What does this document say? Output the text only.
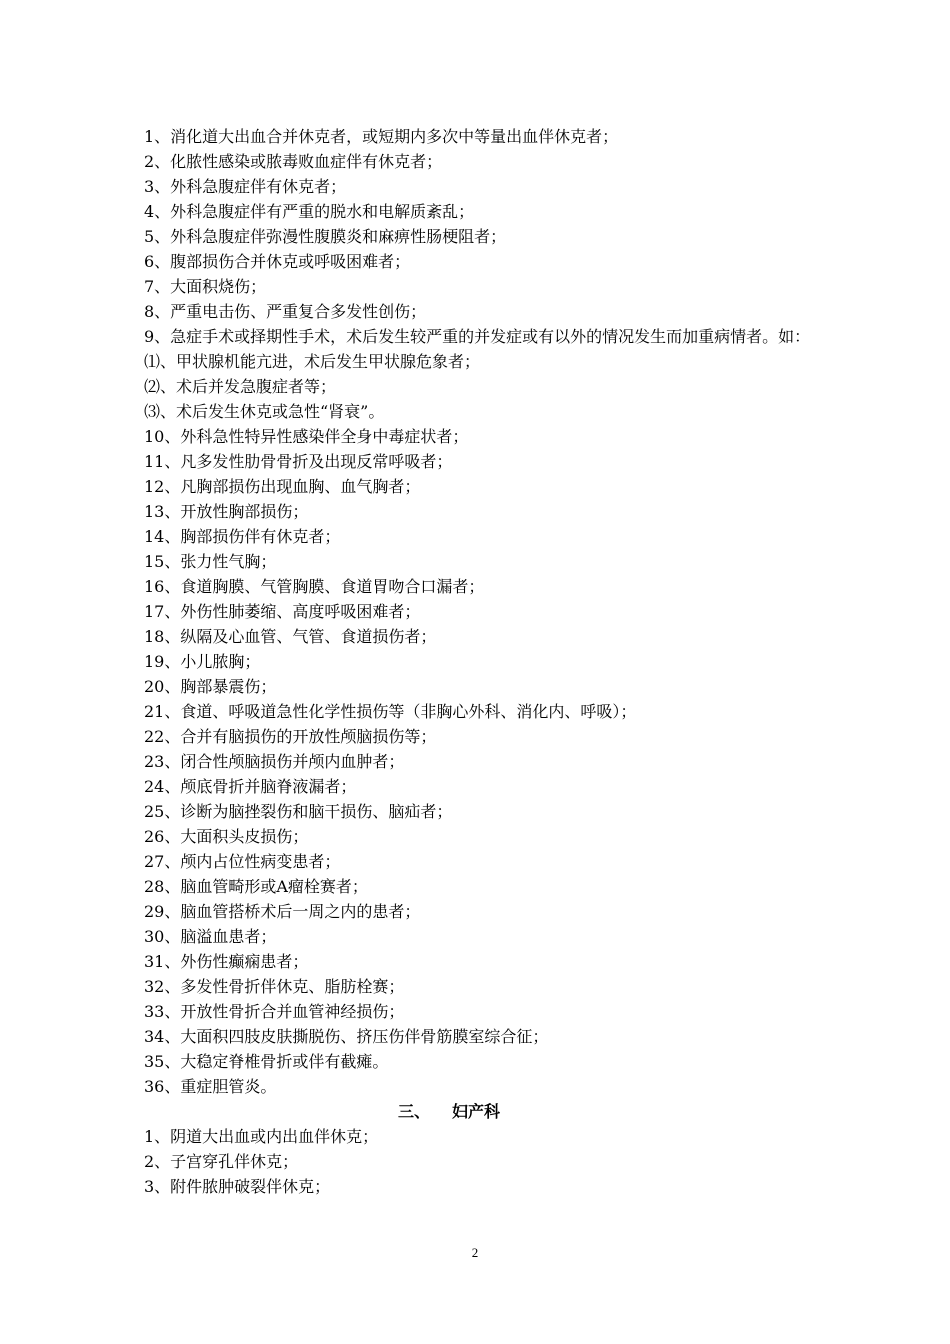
1、消化道大出血合并休克者，或短期内多次中等量出血伴休克者；
2、化脓性感染或脓毒败血症伴有休克者；
3、外科急腹症伴有休克者；
4、外科急腹症伴有严重的脱水和电解质紊乱；
5、外科急腹症伴弥漫性腹膜炎和麻痹性肠梗阻者；
6、腹部损伤合并休克或呼吸困难者；
7、大面积烧伤；
8、严重电击伤、严重复合多发性创伤；
9、急症手术或择期性手术，术后发生较严重的并发症或有以外的情况发生而加重病情者。如：
⑴、甲状腺机能亢进，术后发生甲状腺危象者；
⑵、术后并发急腹症者等；
⑶、术后发生休克或急性“肾衰”。
10、外科急性特异性感染伴全身中毒症状者；
11、凡多发性肋骨骨折及出现反常呼吸者；
12、凡胸部损伤出现血胸、血气胸者；
13、开放性胸部损伤；
14、胸部损伤伴有休克者；
15、张力性气胸；
16、食道胸膜、气管胸膜、食道胃吻合口漏者；
17、外伤性肺萎缩、高度呼吸困难者；
18、纵隔及心血管、气管、食道损伤者；
19、小儿脓胸；
20、胸部暴震伤；
21、食道、呼吸道急性化学性损伤等（非胸心外科、消化内、呼吸）；
22、合并有脑损伤的开放性颅脑损伤等；
23、闭合性颅脑损伤并颅内血肿者；
24、颅底骨折并脑脊液漏者；
25、诊断为脑挫裂伤和脑干损伤、脑疝者；
26、大面积头皮损伤；
27、颅内占位性病变患者；
28、脑血管畸形或A瘤栓赛者；
29、脑血管搭桥术后一周之内的患者；
30、脑溢血患者；
31、外伤性癫痫患者；
32、多发性骨折伴休克、脂肪栓赛；
33、开放性骨折合并血管神经损伤；
34、大面积四肢皮肤撕脱伤、挤压伤伴骨筋膜室综合征；
35、大稳定脊椎骨折或伴有截瘫。
36、重症胆管炎。
三、 妇产科
1、阴道大出血或内出血伴休克；
2、子宫穿孔伴休克；
3、附件脓肿破裂伴休克；
2
